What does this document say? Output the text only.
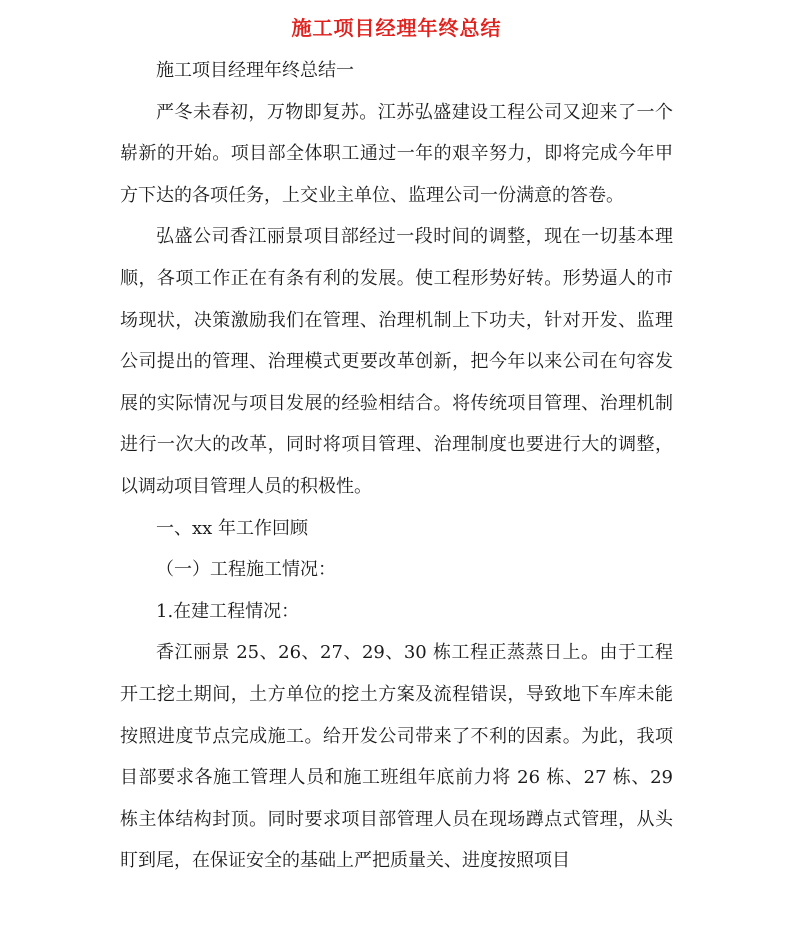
施工项目经理年终总结

施工项目经理年终总结一

严冬未春初，万物即复苏。江苏弘盛建设工程公司又迎来了一个崭新的开始。项目部全体职工通过一年的艰辛努力，即将完成今年甲方下达的各项任务，上交业主单位、监理公司一份满意的答卷。

弘盛公司香江丽景项目部经过一段时间的调整，现在一切基本理顺，各项工作正在有条有利的发展。使工程形势好转。形势逼人的市场现状，决策激励我们在管理、治理机制上下功夫，针对开发、监理公司提出的管理、治理模式更要改革创新，把今年以来公司在句容发展的实际情况与项目发展的经验相结合。将传统项目管理、治理机制进行一次大的改革，同时将项目管理、治理制度也要进行大的调整，以调动项目管理人员的积极性。

一、xx 年工作回顾

（一）工程施工情况：

1.在建工程情况：

香江丽景 25、26、27、29、30 栋工程正蒸蒸日上。由于工程开工挖土期间，土方单位的挖土方案及流程错误，导致地下车库未能按照进度节点完成施工。给开发公司带来了不利的因素。为此，我项目部要求各施工管理人员和施工班组年底前力将 26 栋、27 栋、29 栋主体结构封顶。同时要求项目部管理人员在现场蹲点式管理，从头盯到尾，在保证安全的基础上严把质量关、进度按照项目
